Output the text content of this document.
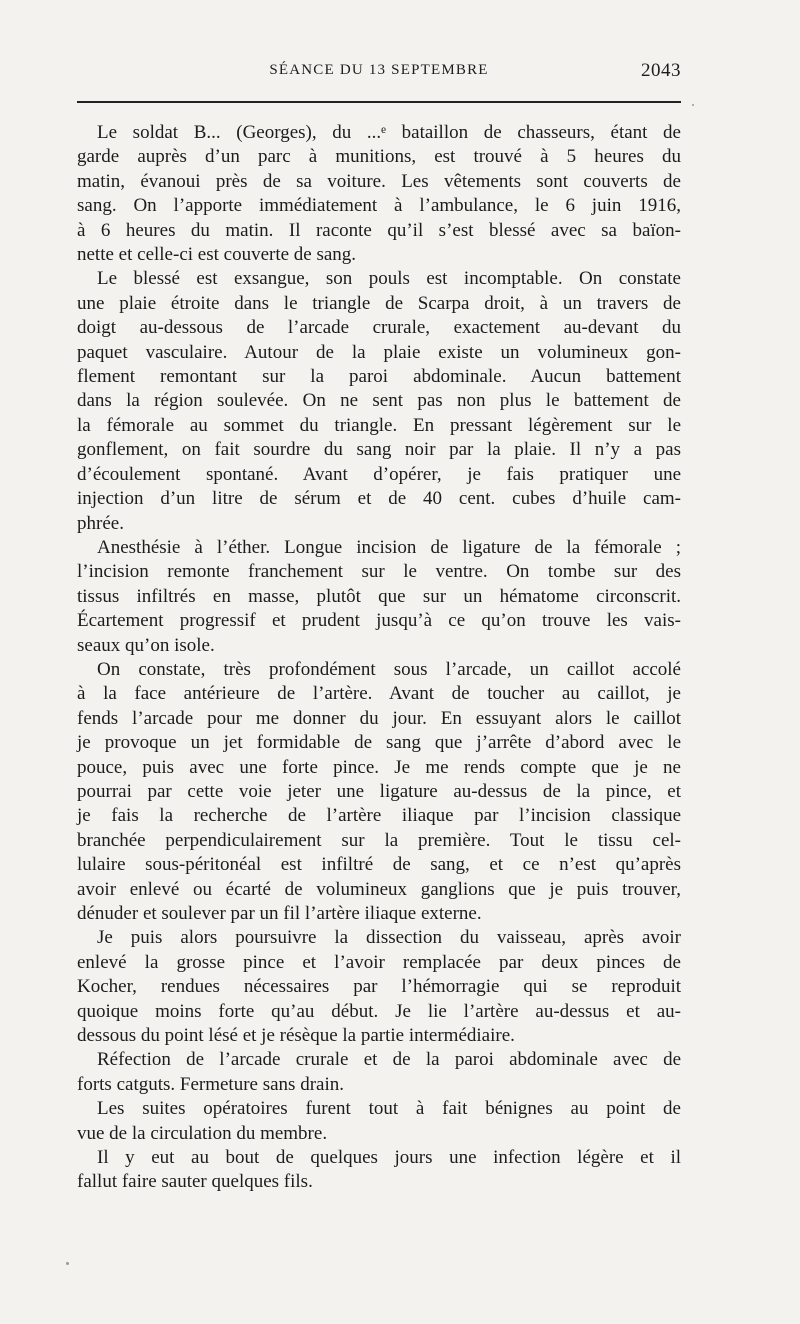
SÉANCE DU 13 SEPTEMBRE	2043

Le soldat B... (Georges), du ...ᵉ bataillon de chasseurs, étant de
garde auprès d’un parc à munitions, est trouvé à 5 heures du
matin, évanoui près de sa voiture. Les vêtements sont couverts de
sang. On l’apporte immédiatement à l’ambulance, le 6 juin 1916,
à 6 heures du matin. Il raconte qu’il s’est blessé avec sa baïon-
nette et celle-ci est couverte de sang.

Le blessé est exsangue, son pouls est incomptable. On constate
une plaie étroite dans le triangle de Scarpa droit, à un travers de
doigt au-dessous de l’arcade crurale, exactement au-devant du
paquet vasculaire. Autour de la plaie existe un volumineux gon-
flement remontant sur la paroi abdominale. Aucun battement
dans la région soulevée. On ne sent pas non plus le battement de
la fémorale au sommet du triangle. En pressant légèrement sur le
gonflement, on fait sourdre du sang noir par la plaie. Il n’y a pas
d’écoulement spontané. Avant d’opérer, je fais pratiquer une
injection d’un litre de sérum et de 40 cent. cubes d’huile cam-
phrée.

Anesthésie à l’éther. Longue incision de ligature de la fémorale ;
l’incision remonte franchement sur le ventre. On tombe sur des
tissus infiltrés en masse, plutôt que sur un hématome circonscrit.
Écartement progressif et prudent jusqu’à ce qu’on trouve les vais-
seaux qu’on isole.

On constate, très profondément sous l’arcade, un caillot accolé
à la face antérieure de l’artère. Avant de toucher au caillot, je
fends l’arcade pour me donner du jour. En essuyant alors le caillot
je provoque un jet formidable de sang que j’arrête d’abord avec le
pouce, puis avec une forte pince. Je me rends compte que je ne
pourrai par cette voie jeter une ligature au-dessus de la pince, et
je fais la recherche de l’artère iliaque par l’incision classique
branchée perpendiculairement sur la première. Tout le tissu cel-
lulaire sous-péritonéal est infiltré de sang, et ce n’est qu’après
avoir enlevé ou écarté de volumineux ganglions que je puis trouver,
dénuder et soulever par un fil l’artère iliaque externe.

Je puis alors poursuivre la dissection du vaisseau, après avoir
enlevé la grosse pince et l’avoir remplacée par deux pinces de
Kocher, rendues nécessaires par l’hémorragie qui se reproduit
quoique moins forte qu’au début. Je lie l’artère au-dessus et au-
dessous du point lésé et je résèque la partie intermédiaire.

Réfection de l’arcade crurale et de la paroi abdominale avec de
forts catguts. Fermeture sans drain.

Les suites opératoires furent tout à fait bénignes au point de
vue de la circulation du membre.

Il y eut au bout de quelques jours une infection légère et il
fallut faire sauter quelques fils.
